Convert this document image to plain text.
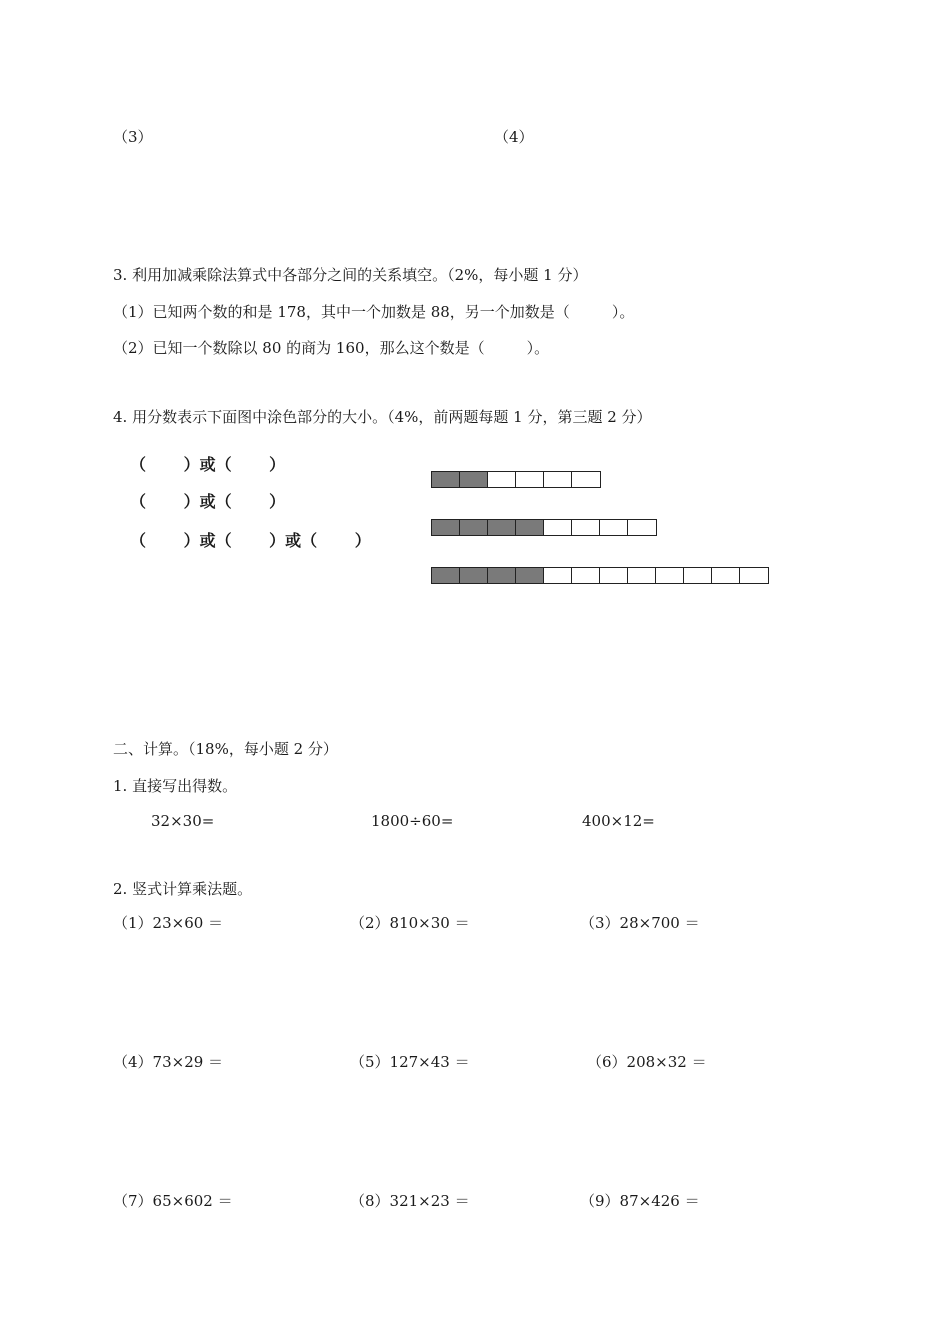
（3）	（4）
3. 利用加减乘除法算式中各部分之间的关系填空。（2%，每小题 1 分）
（1）已知两个数的和是 178，其中一个加数是 88，另一个加数是（	）。
（2）已知一个数除以 80 的商为 160，那么这个数是（	）。
4. 用分数表示下面图中涂色部分的大小。（4%，前两题每题 1 分，第三题 2 分）
（　　 ）或（　　 ）
（　　 ）或（　　 ）
（　　 ）或（　　 ）或（　　 ）
二、计算。（18%，每小题 2 分）
1. 直接写出得数。
32×30=	1800÷60=	400×12=
2. 竖式计算乘法题。
（1）23×60 ＝	（2）810×30 ＝	（3）28×700 ＝
（4）73×29 ＝	（5）127×43 ＝	（6）208×32 ＝
（7）65×602 ＝	（8）321×23 ＝	（9）87×426 ＝
